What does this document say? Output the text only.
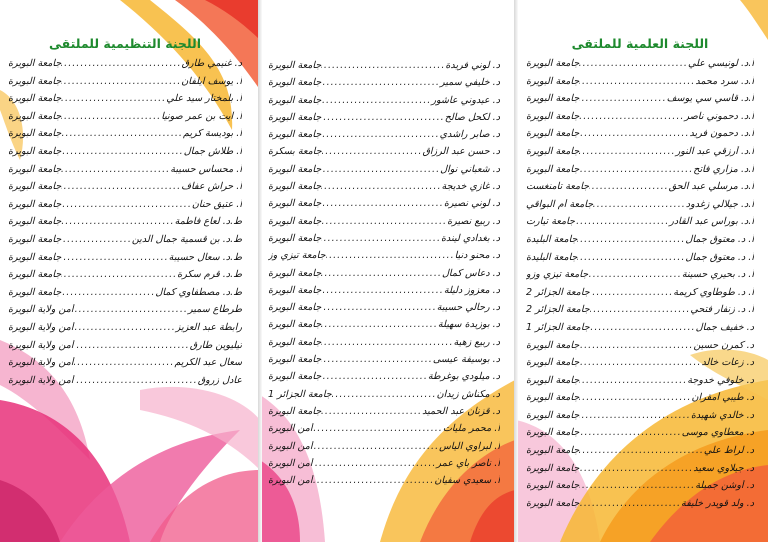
اللجنة العلمية للملتقى
أ.د. لونيسي علي
.....
جامعة البويرة
أ.د. سرد محمد
.....
جامعة البويرة
أ.د. قاسي سي يوسف
.....
جامعة البويرة
أ.د. دحموني ناصر
.....
جامعة البويرة
أ.د. دحمون فريد
.....
جامعة البويرة
أ.د. أرزقي عبد النور
.....
جامعة البويرة
أ.د. مزاري فاتح
.....
جامعة البويرة
أ.د. مرسلي عبد الحق
.....
جامعة تامنغست
أ.د. جيلالي زغدود
.....
جامعة أم البواقي
أ.د. بوراس عبد القادر
.....
جامعة تيارت
أ. د. معتوق جمال
.....
جامعة البليدة
أ. د. معتوق جمال
.....
جامعة البليدة
أ. د. بحيري حسينة
.....
جامعة تيزي وزو
أ. د. طوطاوي كريمة
.....
جامعة الجزائر 2
أ. د. زنفار فتحي
.....
جامعة الجزائر 2
د. خفيف جمال
.....
جامعة الجزائر 1
د. كمرن حسين
.....
جامعة البويرة
د. زعات خالد
.....
جامعة البويرة
د. خلوفي خدوجة
.....
جامعة البويرة
د. طيبي أمقران
.....
جامعة البويرة
د. خالدي شهيدة
.....
جامعة البويرة
د. معطاوي موسى
.....
جامعة البويرة
د. لراط علي
.....
جامعة البويرة
د. جيلاوي سعيد
.....
جامعة البويرة
د. أوشن جميلة
.....
جامعة البويرة
د. ولد قويدر خليفة
.....
جامعة البويرة
د. لوني فريدة
.....
جامعة البويرة
د. خليفي سمير
.....
جامعة البويرة
د. عيدوني عاشور
.....
جامعة البويرة
د. لكحل صالح
.....
جامعة البويرة
د. صابر راشدي
.....
جامعة البويرة
د. حسن عبد الرزاق
.....
جامعة بسكرة
د. شعباني نوال
.....
جامعة البويرة
د. غازي خديجة
.....
جامعة البويرة
د. لوني نصيرة
.....
جامعة البويرة
د. ربيع نصيرة
.....
جامعة البويرة
د. بغدادي ليندة
.....
جامعة البويرة
د. محنو دنيا
.....
جامعة تيزي وز
د. دعاس كمال
.....
جامعة البويرة
د. معزوز دليلة
.....
جامعة البويرة
د. رحالي حسيبة
.....
جامعة البويرة
د. بوزيدة سهيلة
.....
جامعة البويرة
د. ربيع زهية
.....
جامعة البويرة
د. بوسيفة عيسى
.....
جامعة البويرة
د. ميلودي بوغرطة
.....
جامعة البويرة
د. مكناش زيدان
.....
جامعة الجزائر 1
د. قزنان عبد الحميد
.....
جامعة البويرة
أ. محمر مليات
.....
أمن البويرة
أ. لبراوي الياس
.....
أمن البويرة
أ. ناصر باي عمر
.....
أمن البويرة
أ. سعيدي سفيان
.....
أمن البويرة
اللجنة التنظيمية للملتقى
د. غنيمي طارق
.....
جامعة البويرة
أ. يوسف آيلفان
.....
جامعة البويرة
أ. بلمختار سيد علي
.....
جامعة البويرة
أ. آيت بن عمر صونيا
.....
جامعة البويرة
أ. بوديسة كريم
.....
جامعة البويرة
أ. طلاش جمال
.....
جامعة البويرة
أ. محساس حسيبة
.....
جامعة البويرة
أ. حراش عفاف
.....
جامعة البويرة
أ. عتيق حنان
.....
جامعة البويرة
ط.د. لعاع فاطمة
.....
جامعة البويرة
ط.د. بن قسمية جمال الدين
.....
جامعة البويرة
ط.د. سعال حسيبة
.....
جامعة البويرة
ط.د. قرم سكرة
.....
جامعة البويرة
ط.د. مصطفاوي كمال
.....
جامعة البويرة
طرطاع سمير
.....
أمن ولاية البويرة
رابطة عبد العزيز
.....
أمن ولاية البويرة
تيليوين طارق
.....
أمن ولاية البويرة
سعال عبد الكريم
.....
أمن ولاية البويرة
عادل زروق
.....
أمن ولاية البويرة
